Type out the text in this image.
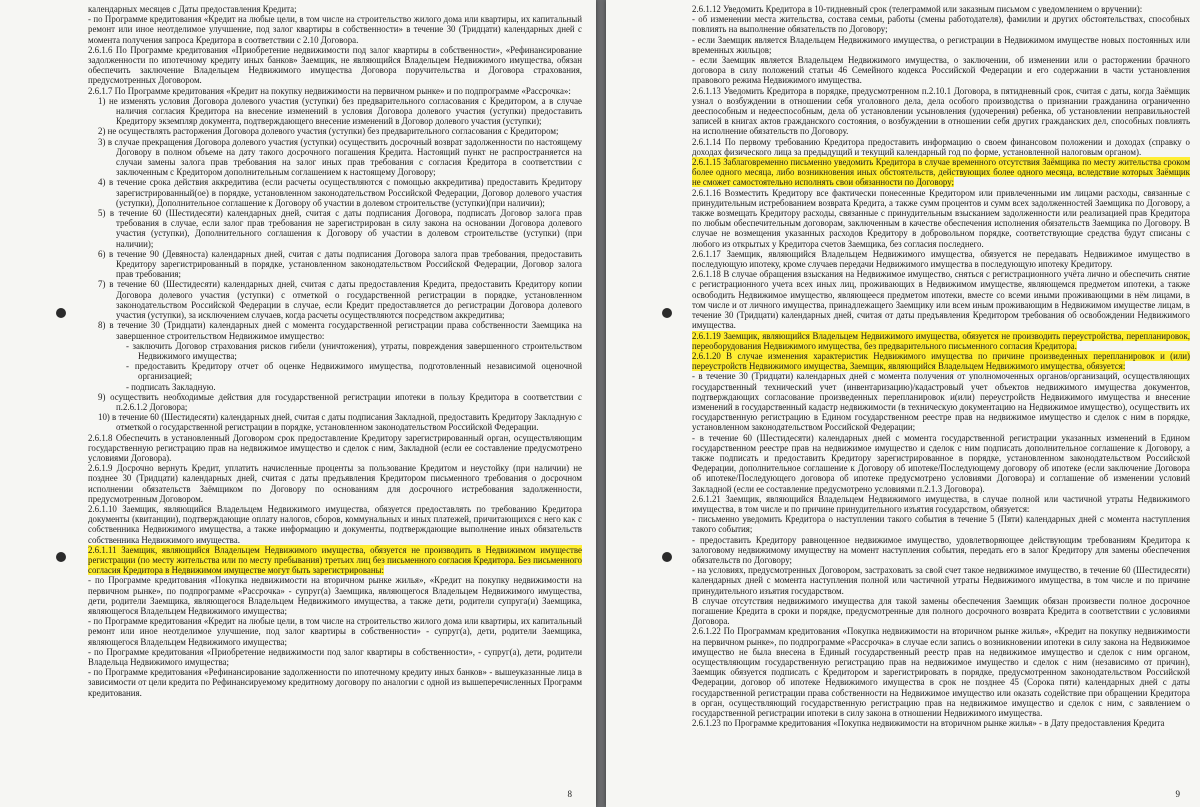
календарных месяцев с Даты предоставления Кредита;

- по Программе кредитования «Кредит на любые цели, в том числе на строительство жилого дома или квартиры, их капитальный ремонт или иное неотделимое улучшение, под залог квартиры в собственности» в течение 30 (Тридцати) календарных дней с момента получения запроса Кредитора в соответствии с 2.10 Договора.

2.6.1.6 По Программе кредитования «Приобретение недвижимости под залог квартиры в собственности», «Рефинансирование задолженности по ипотечному кредиту иных банков» Заемщик, не являющийся Владельцем Недвижимого имущества, обязан обеспечить заключение Владельцем Недвижимого имущества Договора поручительства и Договора страхования, предусмотренных Договором.

2.6.1.7 По Программе кредитования «Кредит на покупку недвижимости на первичном рынке» и по подпрограмме «Рассрочка»:

1) не изменять условия Договора долевого участия (уступки) без предварительного согласования с Кредитором, а в случае наличия согласия Кредитора на внесение изменений в условия Договора долевого участия (уступки) предоставить Кредитору экземпляр документа, подтверждающего внесение изменений в Договор долевого участия (уступки);

2) не осуществлять расторжения Договора долевого участия (уступки) без предварительного согласования с Кредитором;

3) в случае прекращения Договора долевого участия (уступки) осуществить досрочный возврат задолженности по настоящему Договору в полном объеме на дату такого досрочного погашения Кредита. Настоящий пункт не распространяется на случаи замены залога прав требования на залог иных прав требования с согласия Кредитора в соответствии с заключенным с Кредитором дополнительным соглашением к настоящему Договору;

4) в течение срока действия аккредитива (если расчеты осуществляются с помощью аккредитива) предоставить Кредитору зарегистрированный(ое) в порядке, установленном законодательством Российской Федерации, Договор долевого участия (уступки), Дополнительное соглашение к Договору об участии в долевом строительстве (уступки)(при наличии);

5) в течение 60 (Шестидесяти) календарных дней, считая с даты подписания Договора, подписать Договор залога прав требования в случае, если залог прав требования не зарегистрирован в силу закона на основании Договора долевого участия (уступки), Дополнительного соглашения к Договору об участии в долевом строительстве (уступки) (при наличии);

6) в течение 90 (Девяноста) календарных дней, считая с даты подписания Договора залога прав требования, предоставить Кредитору зарегистрированный в порядке, установленном законодательством Российской Федерации, Договор залога прав требования;

7) в течение 60 (Шестидесяти) календарных дней, считая с даты предоставления Кредита, предоставить Кредитору копии Договора долевого участия (уступки) с отметкой о государственной регистрации в порядке, установленном законодательством Российской Федерации в случае, если Кредит предоставляется до регистрации Договора долевого участия (уступки), за исключением случаев, когда расчеты осуществляются посредством аккредитива;

8) в течение 30 (Тридцати) календарных дней с момента государственной регистрации права собственности Заемщика на завершенное строительством Недвижимое имущество:

- заключить Договор страхования рисков гибели (уничтожения), утраты, повреждения завершенного строительством Недвижимого имущества;

- предоставить Кредитору отчет об оценке Недвижимого имущества, подготовленный независимой оценочной организацией;

- подписать Закладную.

9) осуществить необходимые действия для государственной регистрации ипотеки в пользу Кредитора в соответствии с п.2.6.1.2 Договора;

10) в течение 60 (Шестидесяти) календарных дней, считая с даты подписания Закладной, предоставить Кредитору Закладную с отметкой о государственной регистрации в порядке, установленном законодательством Российской Федерации.

2.6.1.8 Обеспечить в установленный Договором срок предоставление Кредитору зарегистрированный орган, осуществляющим государственную регистрацию прав на недвижимое имущество и сделок с ним, Закладной (если ее составление предусмотрено условиями Договора).

2.6.1.9 Досрочно вернуть Кредит, уплатить начисленные проценты за пользование Кредитом и неустойку (при наличии) не позднее 30 (Тридцати) календарных дней, считая с даты предъявления Кредитором письменного требования о досрочном исполнении обязательств Заёмщиком по Договору по основаниям для досрочного истребования задолженности, предусмотренным Договором.

2.6.1.10 Заемщик, являющийся Владельцем Недвижимого имущества, обязуется предоставлять по требованию Кредитора документы (квитанции), подтверждающие оплату налогов, сборов, коммунальных и иных платежей, причитающихся с него как с собственника Недвижимого имущества, а также информацию и документы, подтверждающие выполнение иных обязательств собственника Недвижимого имущества.

2.6.1.11 Заемщик, являющийся Владельцем Недвижимого имущества, обязуется не производить в Недвижимом имуществе регистрации (по месту жительства или по месту пребывания) третьих лиц без письменного согласия Кредитора. Без письменного согласия Кредитора в Недвижимом имуществе могут быть зарегистрированы:

- по Программе кредитования «Покупка недвижимости на вторичном рынке жилья», «Кредит на покупку недвижимости на первичном рынке», по подпрограмме «Рассрочка» - супруг(а) Заемщика, являющегося Владельцем Недвижимого имущества, дети, родители Заемщика, являющегося Владельцем Недвижимого имущества, а также дети, родители супруга(и) Заемщика, являющегося Владельцем Недвижимого имущества;

- по Программе кредитования «Кредит на любые цели, в том числе на строительство жилого дома или квартиры, их капитальный ремонт или иное неотделимое улучшение, под залог квартиры в собственности» - супруг(а), дети, родители Заемщика, являющегося Владельцем Недвижимого имущества;

- по Программе кредитования «Приобретение недвижимости под залог квартиры в собственности», - супруг(а), дети, родители Владельца Недвижимого имущества;

- по Программе кредитования «Рефинансирование задолженности по ипотечному кредиту иных банков» - вышеуказанные лица в зависимости от цели кредита по Рефинансируемому кредитному договору по аналогии с одной из вышеперечисленных Программ кредитования.

8

2.6.1.12 Уведомить Кредитора в 10-тидневный срок (телеграммой или заказным письмом с уведомлением о вручении):

- об изменении места жительства, состава семьи, работы (смены работодателя), фамилии и других обстоятельствах, способных повлиять на выполнение обязательств по Договору;

- если Заемщик является Владельцем Недвижимого имущества, о регистрации в Недвижимом имуществе новых постоянных или временных жильцов;

- если Заемщик является Владельцем Недвижимого имущества, о заключении, об изменении или о расторжении брачного договора в силу положений статьи 46 Семейного кодекса Российской Федерации и его содержании в части установления правового режима Недвижимого имущества.

2.6.1.13 Уведомить Кредитора в порядке, предусмотренном п.2.10.1 Договора, в пятидневный срок, считая с даты, когда Заёмщик узнал о возбуждении в отношении себя уголовного дела, дела особого производства о признании гражданина ограниченно дееспособным и недееспособным, дела об установлении усыновления (удочерения) ребенка, об установлении неправильностей записей в книгах актов гражданского состояния, о возбуждении в отношении себя других гражданских дел, способных повлиять на исполнение обязательств по Договору.

2.6.1.14 По первому требованию Кредитора предоставить информацию о своем финансовом положении и доходах (справку о доходах физического лица за предыдущий и текущий календарный год по форме, установленной налоговым органом).

2.6.1.15 Заблаговременно письменно уведомить Кредитора в случае временного отсутствия Заёмщика по месту жительства сроком более одного месяца, либо возникновения иных обстоятельств, действующих более одного месяца, вследствие которых Заёмщик не сможет самостоятельно исполнять свои обязанности по Договору;

2.6.1.16 Возместить Кредитору все фактически понесенные Кредитором или привлеченными им лицами расходы, связанные с принудительным истребованием возврата Кредита, а также сумм процентов и сумм всех задолженностей Заемщика по Договору, а также возмещать Кредитору расходы, связанные с принудительным взысканием задолженности или реализацией прав Кредитора по любым обеспечительным договорам, заключенным в качестве обеспечения исполнения обязательств Заемщика по Договору. В случае не возмещения указанных расходов Кредитору в добровольном порядке, соответствующие средства будут списаны с любого из открытых у Кредитора счетов Заемщика, без согласия последнего.

2.6.1.17 Заемщик, являющийся Владельцем Недвижимого имущества, обязуется не передавать Недвижимое имущество в последующую ипотеку, кроме случаев передачи Недвижимого имущества в последующую ипотеку Кредитору.

2.6.1.18 В случае обращения взыскания на Недвижимое имущество, сняться с регистрационного учёта лично и обеспечить снятие с регистрационного учета всех иных лиц, проживающих в Недвижимом имуществе, являющемся предметом ипотеки, а также освободить Недвижимое имущество, являющееся предметом ипотеки, вместе со всеми иными проживающими в нём лицами, в том числе и от личного имущества, принадлежащего Заемщику или всем иным проживающим в Недвижимом имуществе лицам, в течение 30 (Тридцати) календарных дней, считая от даты предъявления Кредитором требования об освобождении Недвижимого имущества.

2.6.1.19 Заемщик, являющийся Владельцем Недвижимого имущества, обязуется не производить переустройства, перепланировок, переоборудования Недвижимого имущества, без предварительного письменного согласия Кредитора.

2.6.1.20 В случае изменения характеристик Недвижимого имущества по причине произведенных перепланировок и (или) переустройств Недвижимого имущества, Заемщик, являющийся Владельцем Недвижимого имущества, обязуется:

- в течение 30 (Тридцати) календарных дней с момента получения от уполномоченных органов/организаций, осуществляющих государственный технический учет (инвентаризацию)/кадастровый учет объектов недвижимого имущества документов, подтверждающих согласование произведенных перепланировок и(или) переустройств Недвижимого имущества и внесение изменений в государственный кадастр недвижимости (в техническую документацию на Недвижимое имущество), осуществить их государственную регистрацию в Едином государственном реестре прав на недвижимое имущество и сделок с ним в порядке, установленном законодательством Российской Федерации;

- в течение 60 (Шестидесяти) календарных дней с момента государственной регистрации указанных изменений в Едином государственном реестре прав на недвижимое имущество и сделок с ним подписать дополнительное соглашение к Договору, а также подписать и предоставить Кредитору зарегистрированное в порядке, установленном законодательством Российской Федерации, дополнительное соглашение к Договору об ипотеке/Последующему договору об ипотеке (если заключение Договора об ипотеке/Последующего договора об ипотеке предусмотрено условиями Договора) и соглашение об изменении условий Закладной (если ее составление предусмотрено условиями п.2.1.3 Договора).

2.6.1.21 Заемщик, являющийся Владельцем Недвижимого имущества, в случае полной или частичной утраты Недвижимого имущества, в том числе и по причине принудительного изъятия государством, обязуется:

- письменно уведомить Кредитора о наступлении такого события в течение 5 (Пяти) календарных дней с момента наступления такого события;

- предоставить Кредитору равноценное недвижимое имущество, удовлетворяющее действующим требованиям Кредитора к залоговому недвижимому имуществу на момент наступления события, передать его в залог Кредитору для замены обеспечения обязательств по Договору;

- на условиях, предусмотренных Договором, застраховать за свой счет такое недвижимое имущество, в течение 60 (Шестидесяти) календарных дней с момента наступления полной или частичной утраты Недвижимого имущества, в том числе и по причине принудительного изъятия государством.

В случае отсутствия недвижимого имущества для такой замены обеспечения Заемщик обязан произвести полное досрочное погашение Кредита в сроки и порядке, предусмотренные для полного досрочного возврата Кредита в соответствии с условиями Договора.

2.6.1.22 По Программам кредитования «Покупка недвижимости на вторичном рынке жилья», «Кредит на покупку недвижимости на первичном рынке», по подпрограмме «Рассрочка» в случае если запись о возникновении ипотеки в силу закона на Недвижимое имущество не была внесена в Единый государственный реестр прав на недвижимое имущество и сделок с ним органом, осуществляющим государственную регистрацию прав на недвижимое имущество и сделок с ним (независимо от причин), Заемщик обязуется подписать с Кредитором и зарегистрировать в порядке, предусмотренном законодательством Российской Федерации, договор об ипотеке Недвижимого имущества в срок не позднее 45 (Сорока пяти) календарных дней с даты государственной регистрации права собственности на Недвижимое имущество или оказать содействие при обращении Кредитора в орган, осуществляющий государственную регистрацию прав на недвижимое имущество и сделок с ним, с заявлением о государственной регистрации ипотеки в силу закона в отношении Недвижимого имущества.

2.6.1.23 по Программе кредитования «Покупка недвижимости на вторичном рынке жилья» - в Дату предоставления Кредита

9
